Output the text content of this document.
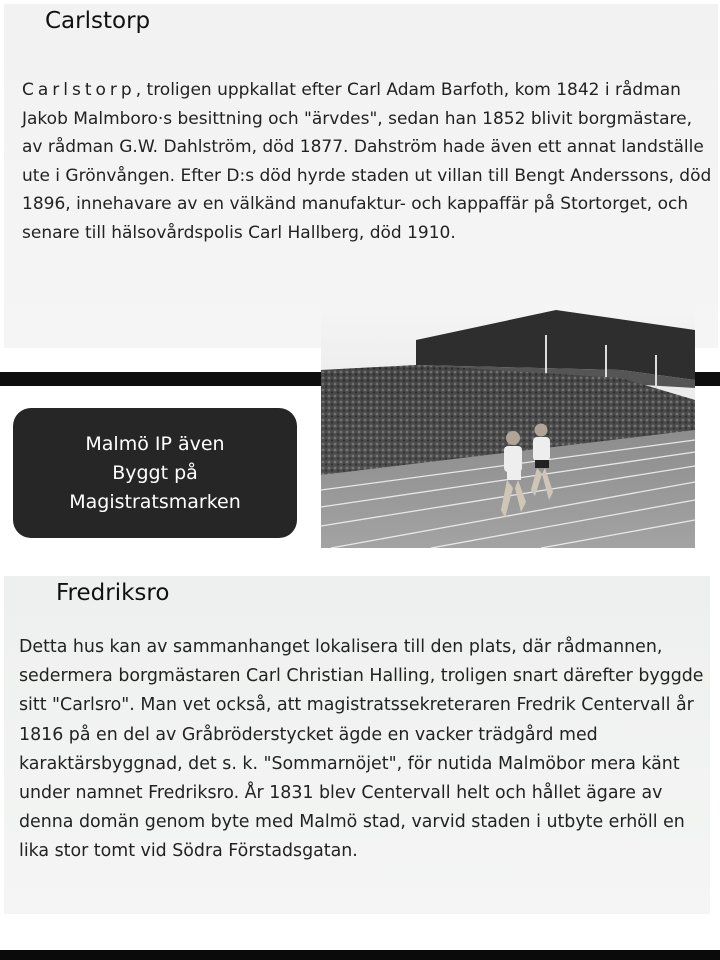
Carlstorp
Carlstorp, troligen uppkallat efter Carl Adam Barfoth, kom 1842 i rådman Jakob Malmboro·s besittning och "ärvdes", sedan han 1852 blivit borgmästare, av rådman G.W. Dahlström, död 1877. Dahström hade även ett annat landställe ute i Grönvången. Efter D:s död hyrde staden ut villan till Bengt Anderssons, död 1896, innehavare av en välkänd manufaktur- och kappaffär på Stortorget, och senare till hälsovårdspolis Carl Hallberg, död 1910.
Malmö IP även
Byggt på
Magistratsmarken
Fredriksro
Detta hus kan av sammanhanget lokalisera till den plats, där rådmannen, sedermera borgmästaren Carl Christian Halling, troligen snart därefter byggde sitt "Carlsro". Man vet också, att magistratssekreteraren Fredrik Centervall år 1816 på en del av Gråbröderstycket ägde en vacker trädgård med karaktärsbyggnad, det s. k. "Sommarnöjet", för nutida Malmöbor mera känt under namnet Fredriksro. År 1831 blev Centervall helt och hållet ägare av denna domän genom byte med Malmö stad, varvid staden i utbyte erhöll en lika stor tomt vid Södra Förstadsgatan.
